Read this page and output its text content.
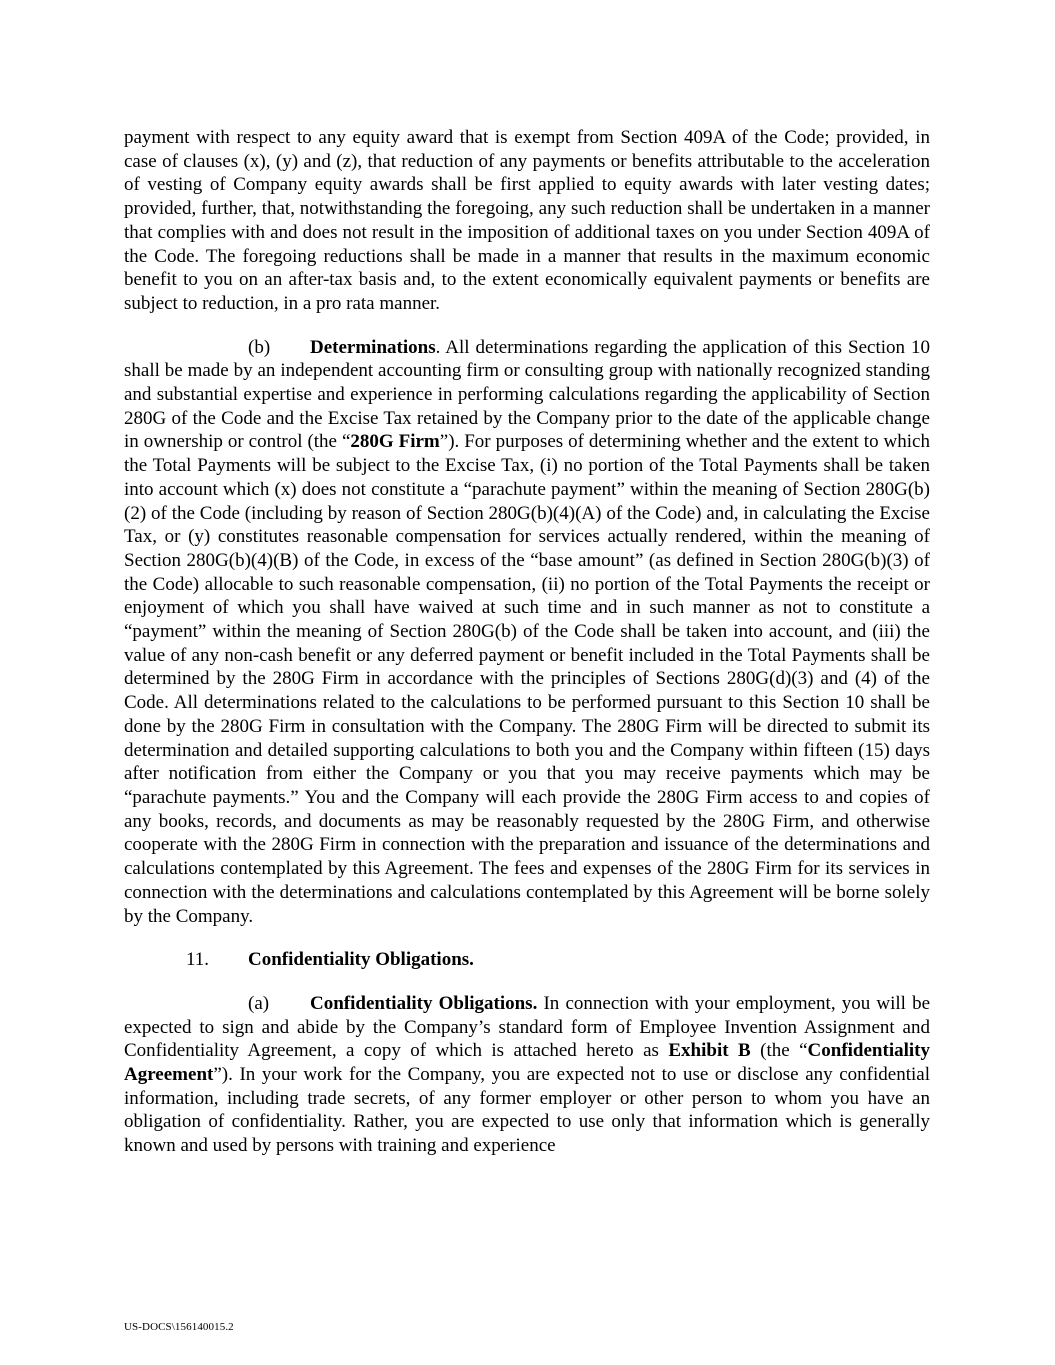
payment with respect to any equity award that is exempt from Section 409A of the Code; provided, in case of clauses (x), (y) and (z), that reduction of any payments or benefits attributable to the acceleration of vesting of Company equity awards shall be first applied to equity awards with later vesting dates; provided, further, that, notwithstanding the foregoing, any such reduction shall be undertaken in a manner that complies with and does not result in the imposition of additional taxes on you under Section 409A of the Code. The foregoing reductions shall be made in a manner that results in the maximum economic benefit to you on an after-tax basis and, to the extent economically equivalent payments or benefits are subject to reduction, in a pro rata manner.

(b) Determinations. All determinations regarding the application of this Section 10 shall be made by an independent accounting firm or consulting group with nationally recognized standing and substantial expertise and experience in performing calculations regarding the applicability of Section 280G of the Code and the Excise Tax retained by the Company prior to the date of the applicable change in ownership or control (the “280G Firm”). For purposes of determining whether and the extent to which the Total Payments will be subject to the Excise Tax, (i) no portion of the Total Payments shall be taken into account which (x) does not constitute a “parachute payment” within the meaning of Section 280G(b)(2) of the Code (including by reason of Section 280G(b)(4)(A) of the Code) and, in calculating the Excise Tax, or (y) constitutes reasonable compensation for services actually rendered, within the meaning of Section 280G(b)(4)(B) of the Code, in excess of the “base amount” (as defined in Section 280G(b)(3) of the Code) allocable to such reasonable compensation, (ii) no portion of the Total Payments the receipt or enjoyment of which you shall have waived at such time and in such manner as not to constitute a “payment” within the meaning of Section 280G(b) of the Code shall be taken into account, and (iii) the value of any non-cash benefit or any deferred payment or benefit included in the Total Payments shall be determined by the 280G Firm in accordance with the principles of Sections 280G(d)(3) and (4) of the Code. All determinations related to the calculations to be performed pursuant to this Section 10 shall be done by the 280G Firm in consultation with the Company. The 280G Firm will be directed to submit its determination and detailed supporting calculations to both you and the Company within fifteen (15) days after notification from either the Company or you that you may receive payments which may be “parachute payments.” You and the Company will each provide the 280G Firm access to and copies of any books, records, and documents as may be reasonably requested by the 280G Firm, and otherwise cooperate with the 280G Firm in connection with the preparation and issuance of the determinations and calculations contemplated by this Agreement. The fees and expenses of the 280G Firm for its services in connection with the determinations and calculations contemplated by this Agreement will be borne solely by the Company.

11. Confidentiality Obligations.

(a) Confidentiality Obligations. In connection with your employment, you will be expected to sign and abide by the Company’s standard form of Employee Invention Assignment and Confidentiality Agreement, a copy of which is attached hereto as Exhibit B (the “Confidentiality Agreement”). In your work for the Company, you are expected not to use or disclose any confidential information, including trade secrets, of any former employer or other person to whom you have an obligation of confidentiality. Rather, you are expected to use only that information which is generally known and used by persons with training and experience

US-DOCS\156140015.2
